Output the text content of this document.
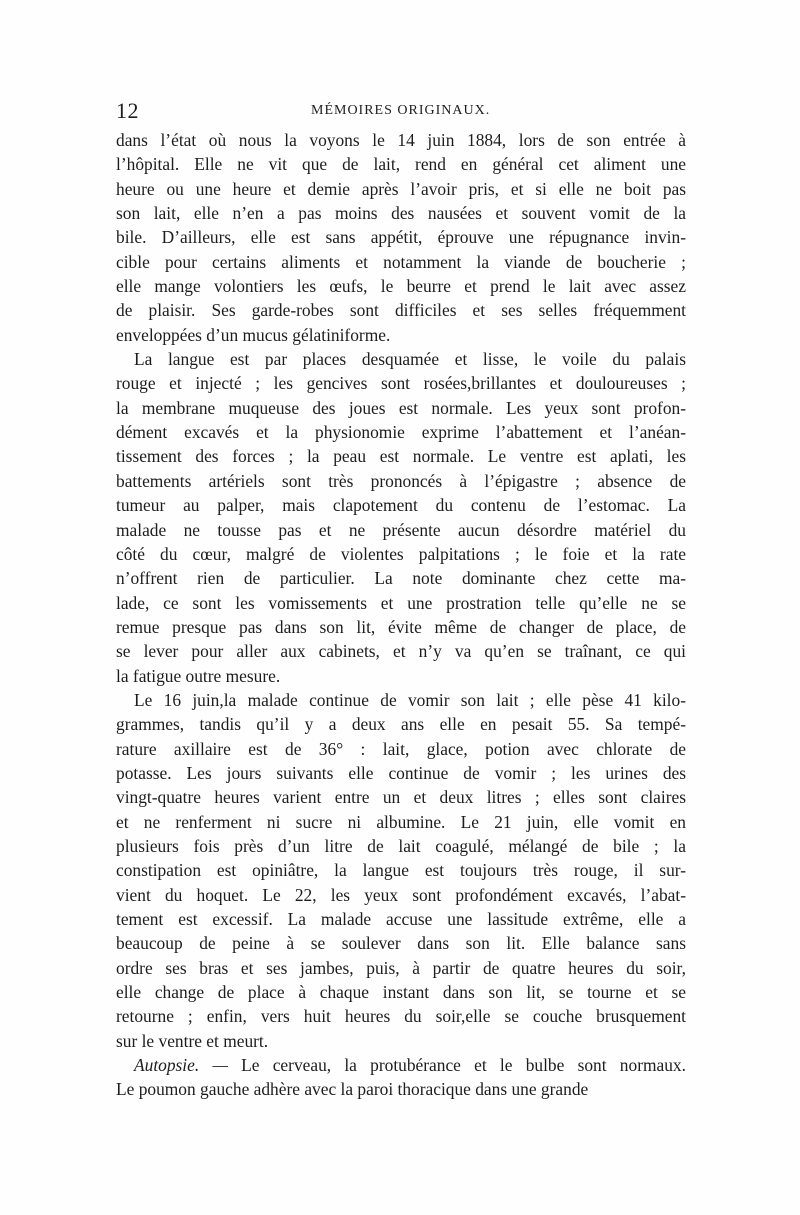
12	MÉMOIRES ORIGINAUX.
dans l’état où nous la voyons le 14 juin 1884, lors de son entrée à
l’hôpital. Elle ne vit que de lait, rend en général cet aliment une
heure ou une heure et demie après l’avoir pris, et si elle ne boit pas
son lait, elle n’en a pas moins des nausées et souvent vomit de la
bile. D’ailleurs, elle est sans appétit, éprouve une répugnance invin-
cible pour certains aliments et notamment la viande de boucherie ;
elle mange volontiers les œufs, le beurre et prend le lait avec assez
de plaisir. Ses garde-robes sont difficiles et ses selles fréquemment
enveloppées d’un mucus gélatiniforme.
La langue est par places desquamée et lisse, le voile du palais
rouge et injecté ; les gencives sont rosées,brillantes et douloureuses ;
la membrane muqueuse des joues est normale. Les yeux sont profon-
dément excavés et la physionomie exprime l’abattement et l’anéan-
tissement des forces ; la peau est normale. Le ventre est aplati, les
battements artériels sont très prononcés à l’épigastre ; absence de
tumeur au palper, mais clapotement du contenu de l’estomac. La
malade ne tousse pas et ne présente aucun désordre matériel du
côté du cœur, malgré de violentes palpitations ; le foie et la rate
n’offrent rien de particulier. La note dominante chez cette ma-
lade, ce sont les vomissements et une prostration telle qu’elle ne se
remue presque pas dans son lit, évite même de changer de place, de
se lever pour aller aux cabinets, et n’y va qu’en se traînant, ce qui
la fatigue outre mesure.
Le 16 juin,la malade continue de vomir son lait ; elle pèse 41 kilo-
grammes, tandis qu’il y a deux ans elle en pesait 55. Sa tempé-
rature axillaire est de 36° : lait, glace, potion avec chlorate de
potasse. Les jours suivants elle continue de vomir ; les urines des
vingt-quatre heures varient entre un et deux litres ; elles sont claires
et ne renferment ni sucre ni albumine. Le 21 juin, elle vomit en
plusieurs fois près d’un litre de lait coagulé, mélangé de bile ; la
constipation est opiniâtre, la langue est toujours très rouge, il sur-
vient du hoquet. Le 22, les yeux sont profondément excavés, l’abat-
tement est excessif. La malade accuse une lassitude extrême, elle a
beaucoup de peine à se soulever dans son lit. Elle balance sans
ordre ses bras et ses jambes, puis, à partir de quatre heures du soir,
elle change de place à chaque instant dans son lit, se tourne et se
retourne ; enfin, vers huit heures du soir,elle se couche brusquement
sur le ventre et meurt.
Autopsie. — Le cerveau, la protubérance et le bulbe sont normaux.
Le poumon gauche adhère avec la paroi thoracique dans une grande
